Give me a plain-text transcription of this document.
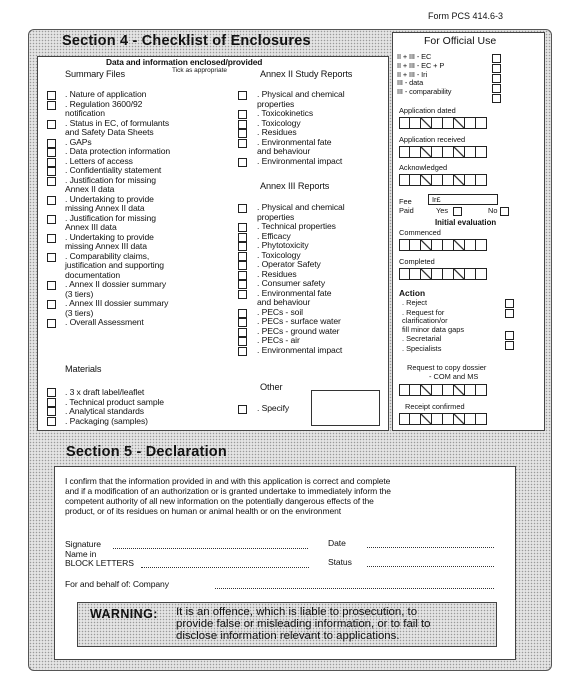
Form PCS 414.6-3
Section 4 - Checklist of Enclosures
Data and information enclosed/provided
Tick as appropriate
Summary Files
. Nature of application
. Regulation 3600/92
notification
. Status in EC, of formulants
and Safety Data Sheets
. GAPs
. Data protection information
. Letters of access
. Confidentiality statement
. Justification for missing
Annex II data
. Undertaking to provide
missing Annex II data
. Justification for missing
Annex III data
. Undertaking to provide
missing Annex III data
. Comparability claims,
justification and supporting
documentation
. Annex II dossier summary
(3 tiers)
. Annex III dossier summary
(3 tiers)
. Overall Assessment
Materials
. 3 x draft label/leaflet
. Technical product sample
. Analytical standards
. Packaging (samples)
Annex II Study Reports
. Physical and chemical
properties
. Toxicokinetics
. Toxicology
. Residues
. Environmental fate
and behaviour
. Environmental impact
Annex III Reports
. Physical and chemical
properties
. Technical properties
. Efficacy
. Phytotoxicity
. Toxicology
. Operator Safety
. Residues
. Consumer safety
. Environmental fate
and behaviour
. PECs - soil
. PECs - surface water
. PECs - ground water
. PECs - air
. Environmental impact
Other
. Specify
For Official Use
II + III - EC
II + III - EC + P
II + III - Iri
III - data
III - comparability
Application dated
Application received
Acknowledged
Fee	Ir£
Paid	Yes	No
Initial evaluation
Commenced
Completed
Action
. Reject
. Request for
clarification/or
fill minor data gaps
. Secretarial
. Specialists
Request to copy dossier
- COM and MS
Receipt confirmed
Section 5 - Declaration
I confirm that the information provided in and with this application is correct and complete
and if a modification of an authorization or is granted undertake to immediately inform the
competent authority of all new information on the potentially dangerous effects of the
product, or of its residues on human or animal health or on the environment
Signature	Date
Name in
BLOCK LETTERS	Status
For and behalf of: Company
WARNING: It is an offence, which is liable to prosecution, to
provide false or misleading information, or to fail to
disclose information relevant to applications.
